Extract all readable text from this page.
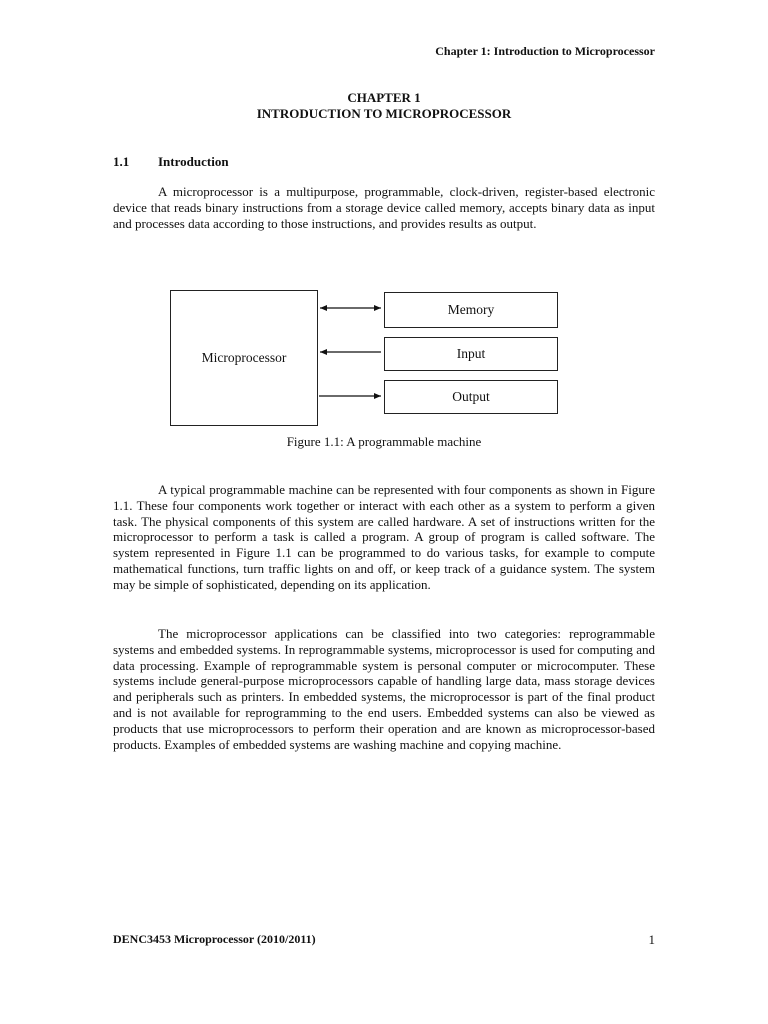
Chapter 1: Introduction to Microprocessor
CHAPTER 1
INTRODUCTION TO MICROPROCESSOR
1.1 Introduction

A microprocessor is a multipurpose, programmable, clock-driven, register-based electronic device that reads binary instructions from a storage device called memory, accepts binary data as input and processes data according to those instructions, and provides results as output.

Microprocessor
Memory
Input
Output
Figure 1.1: A programmable machine

A typical programmable machine can be represented with four components as shown in Figure 1.1. These four components work together or interact with each other as a system to perform a given task. The physical components of this system are called hardware. A set of instructions written for the microprocessor to perform a task is called a program. A group of program is called software. The system represented in Figure 1.1 can be programmed to do various tasks, for example to compute mathematical functions, turn traffic lights on and off, or keep track of a guidance system. The system may be simple of sophisticated, depending on its application.

The microprocessor applications can be classified into two categories: reprogrammable systems and embedded systems. In reprogrammable systems, microprocessor is used for computing and data processing. Example of reprogrammable system is personal computer or microcomputer. These systems include general-purpose microprocessors capable of handling large data, mass storage devices and peripherals such as printers. In embedded systems, the microprocessor is part of the final product and is not available for reprogramming to the end users. Embedded systems can also be viewed as products that use microprocessors to perform their operation and are known as microprocessor-based products. Examples of embedded systems are washing machine and copying machine.

DENC3453 Microprocessor (2010/2011)	1
